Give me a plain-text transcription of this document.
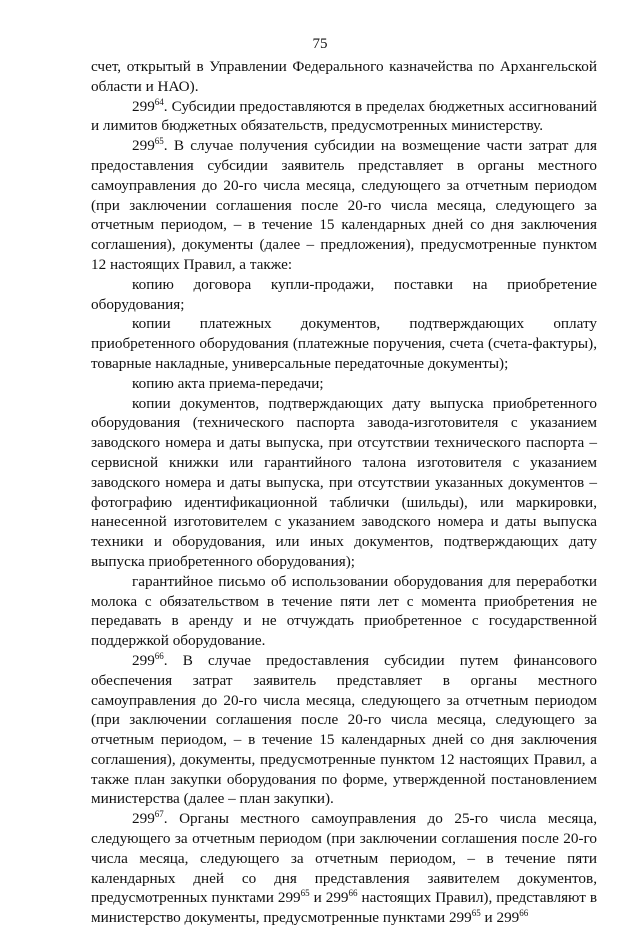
75

счет, открытый в Управлении Федерального казначейства по Архангельской области и НАО).

$299^{64}$. Субсидии предоставляются в пределах бюджетных ассигнований и лимитов бюджетных обязательств, предусмотренных министерству.

$299^{65}$. В случае получения субсидии на возмещение части затрат для предоставления субсидии заявитель представляет в органы местного самоуправления до 20-го числа месяца, следующего за отчетным периодом (при заключении соглашения после 20-го числа месяца, следующего за отчетным периодом, – в течение 15 календарных дней со дня заключения соглашения), документы (далее – предложения), предусмотренные пунктом 12 настоящих Правил, а также:

копию договора купли-продажи, поставки на приобретение оборудования;

копии платежных документов, подтверждающих оплату приобретенного оборудования (платежные поручения, счета (счета-фактуры), товарные накладные, универсальные передаточные документы);

копию акта приема-передачи;

копии документов, подтверждающих дату выпуска приобретенного оборудования (технического паспорта завода-изготовителя с указанием заводского номера и даты выпуска, при отсутствии технического паспорта – сервисной книжки или гарантийного талона изготовителя с указанием заводского номера и даты выпуска, при отсутствии указанных документов – фотографию идентификационной таблички (шильды), или маркировки, нанесенной изготовителем с указанием заводского номера и даты выпуска техники и оборудования, или иных документов, подтверждающих дату выпуска приобретенного оборудования);

гарантийное письмо об использовании оборудования для переработки молока с обязательством в течение пяти лет с момента приобретения не передавать в аренду и не отчуждать приобретенное с государственной поддержкой оборудование.

$299^{66}$. В случае предоставления субсидии путем финансового обеспечения затрат заявитель представляет в органы местного самоуправления до 20-го числа месяца, следующего за отчетным периодом (при заключении соглашения после 20-го числа месяца, следующего за отчетным периодом, – в течение 15 календарных дней со дня заключения соглашения), документы, предусмотренные пунктом 12 настоящих Правил, а также план закупки оборудования по форме, утвержденной постановлением министерства (далее – план закупки).

$299^{67}$. Органы местного самоуправления до 25-го числа месяца, следующего за отчетным периодом (при заключении соглашения после 20-го числа месяца, следующего за отчетным периодом, – в течение пяти календарных дней со дня представления заявителем документов, предусмотренных пунктами $299^{65}$ и $299^{66}$ настоящих Правил), представляют в министерство документы, предусмотренные пунктами $299^{65}$ и $299^{66}$
